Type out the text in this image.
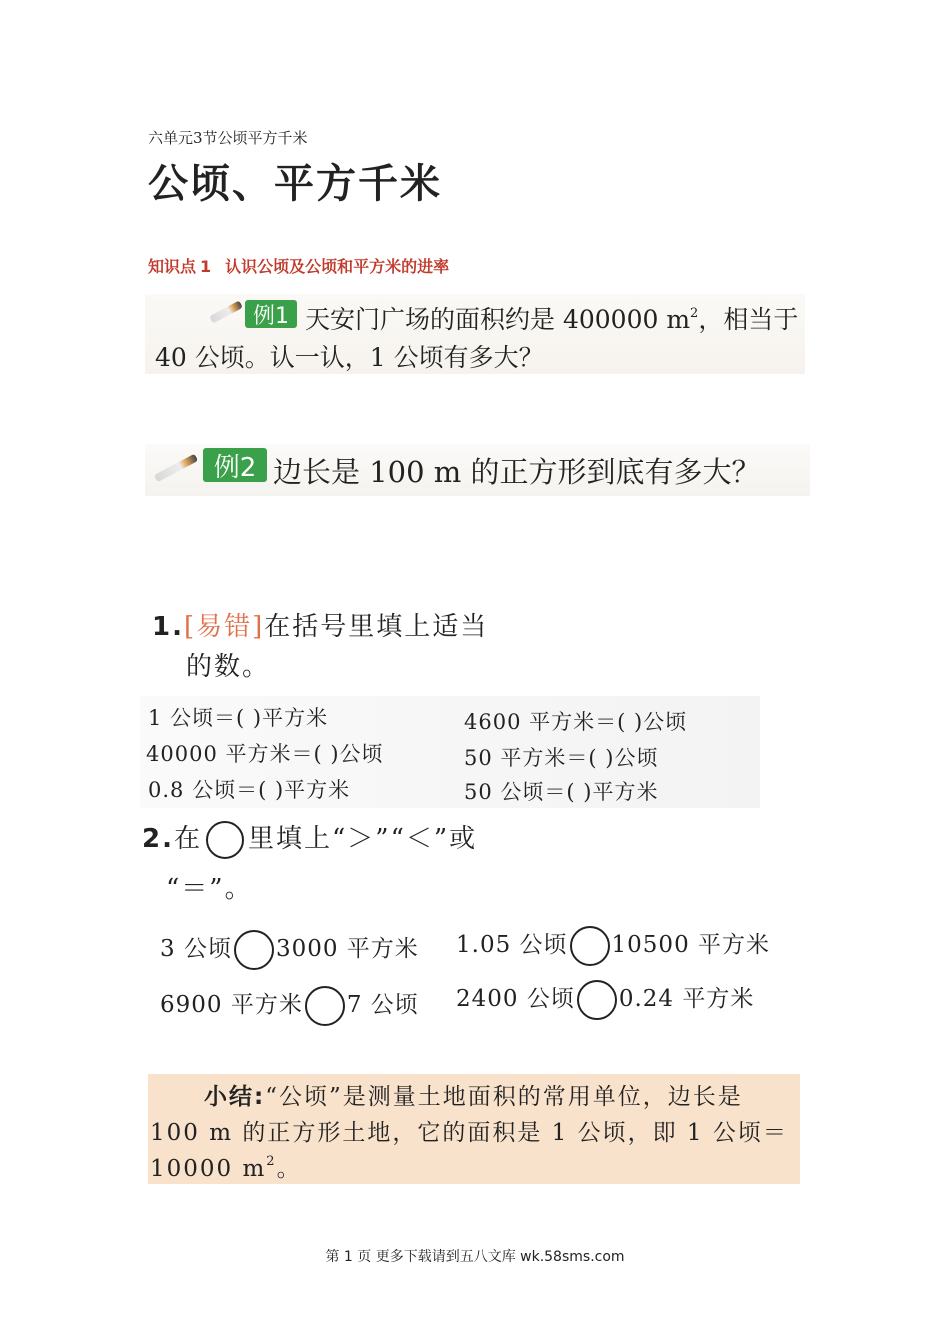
六单元3节公顷平方千米
公顷、平方千米
知识点 1 认识公顷及公顷和平方米的进率
例1 天安门广场的面积约是 400000 $m^2$，相当于
40 公顷。认一认，1 公顷有多大？
例2 边长是 100 m 的正方形到底有多大？
1.[易错]在括号里填上适当
的数。
1 公顷＝( )平方米
40000 平方米＝( )公顷
0.8 公顷＝( )平方米
4600 平方米＝( )公顷
50 平方米＝( )公顷
50 公顷＝( )平方米
2.在 里填上“＞”“＜”或
“＝”。
3 公顷 3000 平方米 1.05 公顷 10500 平方米
6900 平方米 7 公顷 2400 公顷 0.24 平方米
小结:“公顷”是测量土地面积的常用单位，边长是
100 m 的正方形土地，它的面积是 1 公顷，即 1 公顷＝
10000 $m^2$。
第 1 页 更多下载请到五八文库 wk.58sms.com
